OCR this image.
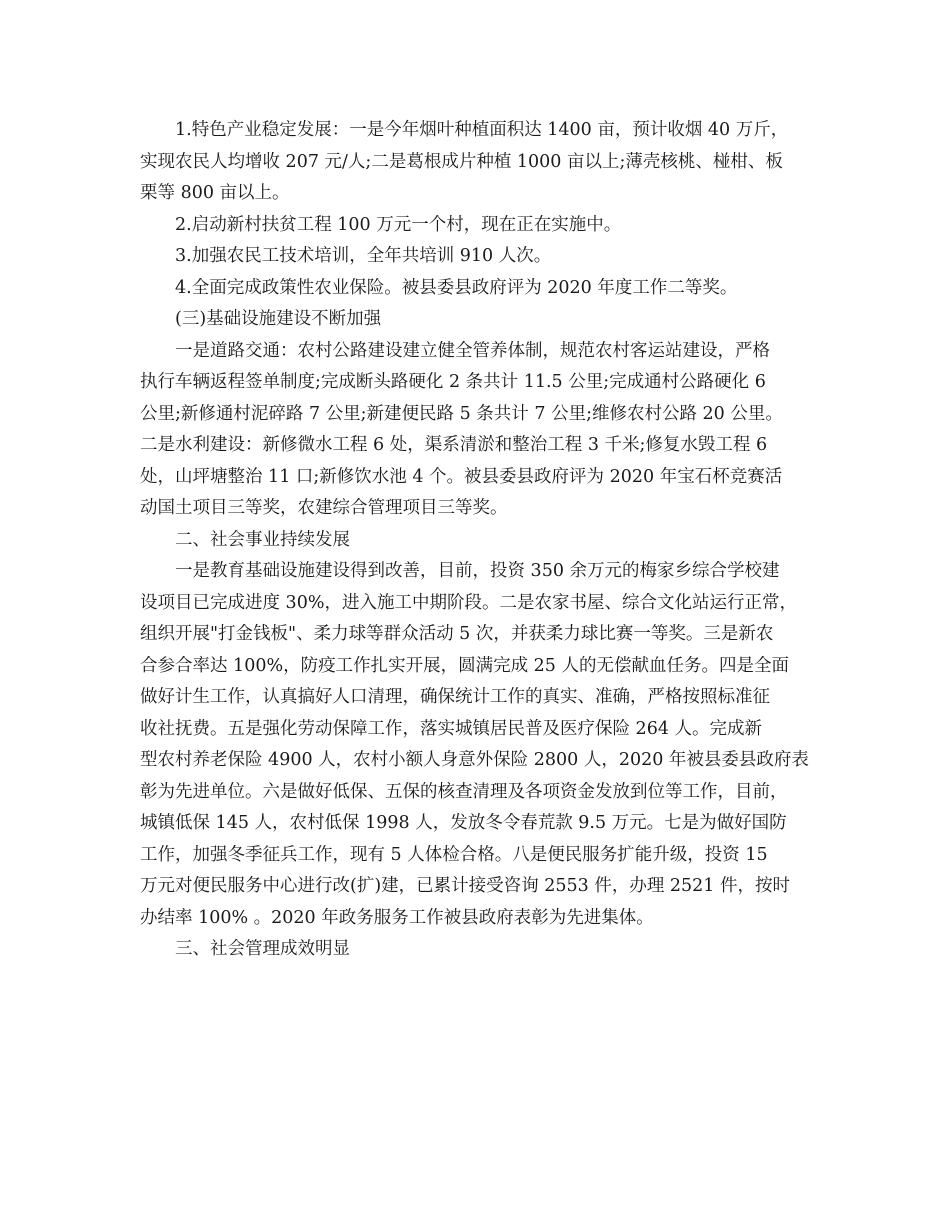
1.特色产业稳定发展：一是今年烟叶种植面积达 1400 亩，预计收烟 40 万斤，
实现农民人均增收 207 元/人;二是葛根成片种植 1000 亩以上;薄壳核桃、椪柑、板
栗等 800 亩以上。
2.启动新村扶贫工程 100 万元一个村，现在正在实施中。
3.加强农民工技术培训，全年共培训 910 人次。
4.全面完成政策性农业保险。被县委县政府评为 2020 年度工作二等奖。
(三)基础设施建设不断加强
一是道路交通：农村公路建设建立健全管养体制，规范农村客运站建设，严格
执行车辆返程签单制度;完成断头路硬化 2 条共计 11.5 公里;完成通村公路硬化 6
公里;新修通村泥碎路 7 公里;新建便民路 5 条共计 7 公里;维修农村公路 20 公里。
二是水利建设：新修微水工程 6 处，渠系清淤和整治工程 3 千米;修复水毁工程 6
处，山坪塘整治 11 口;新修饮水池 4 个。被县委县政府评为 2020 年宝石杯竞赛活
动国土项目三等奖，农建综合管理项目三等奖。
二、社会事业持续发展
一是教育基础设施建设得到改善，目前，投资 350 余万元的梅家乡综合学校建
设项目已完成进度 30%，进入施工中期阶段。二是农家书屋、综合文化站运行正常，
组织开展"打金钱板"、柔力球等群众活动 5 次，并获柔力球比赛一等奖。三是新农
合参合率达 100%，防疫工作扎实开展，圆满完成 25 人的无偿献血任务。四是全面
做好计生工作，认真搞好人口清理，确保统计工作的真实、准确，严格按照标准征
收社抚费。五是强化劳动保障工作，落实城镇居民普及医疗保险 264 人。完成新
型农村养老保险 4900 人，农村小额人身意外保险 2800 人，2020 年被县委县政府表
彰为先进单位。六是做好低保、五保的核查清理及各项资金发放到位等工作，目前，
城镇低保 145 人，农村低保 1998 人，发放冬令春荒款 9.5 万元。七是为做好国防
工作，加强冬季征兵工作，现有 5 人体检合格。八是便民服务扩能升级，投资 15
万元对便民服务中心进行改(扩)建，已累计接受咨询 2553 件，办理 2521 件，按时
办结率 100% 。2020 年政务服务工作被县政府表彰为先进集体。
三、社会管理成效明显
